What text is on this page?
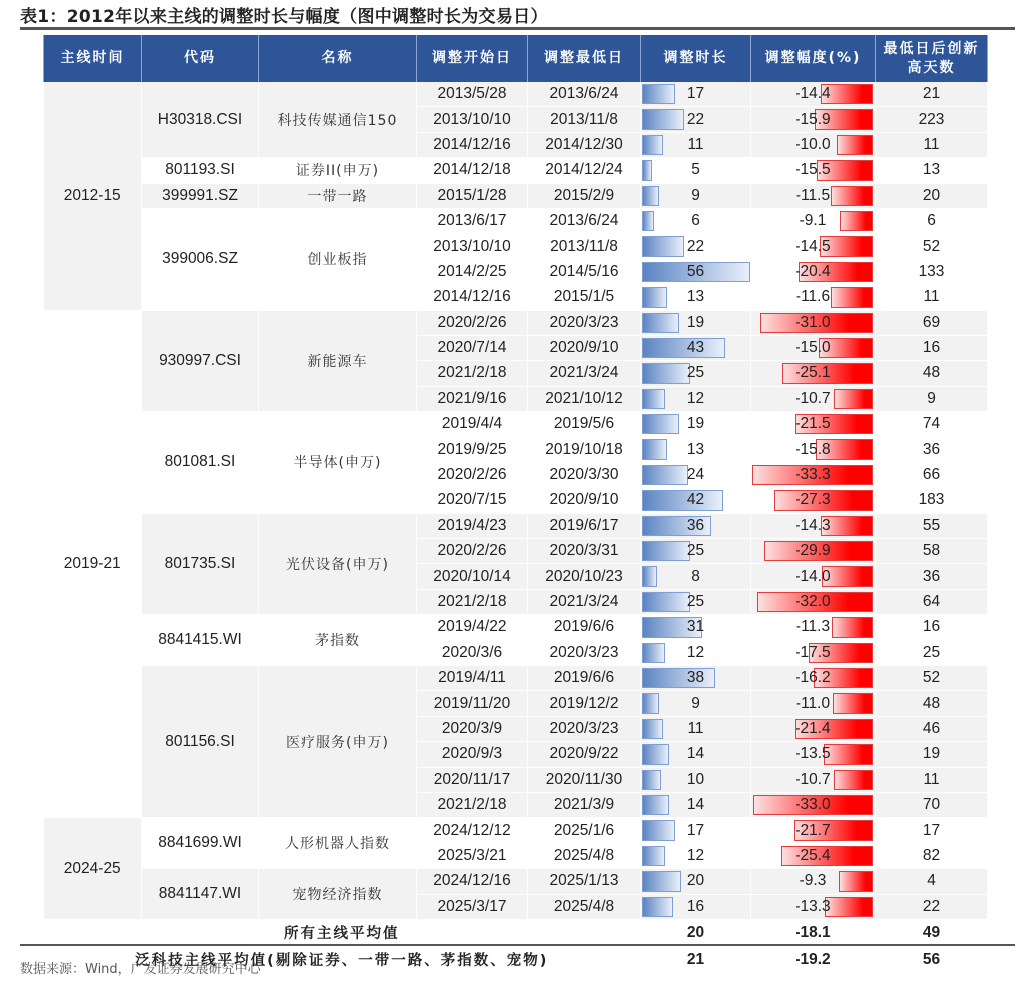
表1：2012年以来主线的调整时长与幅度（图中调整时长为交易日）
主线时间	代码	名称	调整开始日	调整最低日	调整时长	调整幅度(%)	最低日后创新高天数
2012-15	H30318.CSI	科技传媒通信150	2013/5/28	2013/6/24	17	-14.4	21
			2013/10/10	2013/11/8	22	-15.9	223
			2014/12/16	2014/12/30	11	-10.0	11
	801193.SI	证券II(申万)	2014/12/18	2014/12/24	5	-15.5	13
	399991.SZ	一带一路	2015/1/28	2015/2/9	9	-11.5	20
	399006.SZ	创业板指	2013/6/17	2013/6/24	6	-9.1	6
			2013/10/10	2013/11/8	22	-14.5	52
			2014/2/25	2014/5/16	56	-20.4	133
			2014/12/16	2015/1/5	13	-11.6	11
2019-21	930997.CSI	新能源车	2020/2/26	2020/3/23	19	-31.0	69
			2020/7/14	2020/9/10	43	-15.0	16
			2021/2/18	2021/3/24	25	-25.1	48
			2021/9/16	2021/10/12	12	-10.7	9
	801081.SI	半导体(申万)	2019/4/4	2019/5/6	19	-21.5	74
			2019/9/25	2019/10/18	13	-15.8	36
			2020/2/26	2020/3/30	24	-33.3	66
			2020/7/15	2020/9/10	42	-27.3	183
	801735.SI	光伏设备(申万)	2019/4/23	2019/6/17	36	-14.3	55
			2020/2/26	2020/3/31	25	-29.9	58
			2020/10/14	2020/10/23	8	-14.0	36
			2021/2/18	2021/3/24	25	-32.0	64
	8841415.WI	茅指数	2019/4/22	2019/6/6	31	-11.3	16
			2020/3/6	2020/3/23	12	-17.5	25
	801156.SI	医疗服务(申万)	2019/4/11	2019/6/6	38	-16.2	52
			2019/11/20	2019/12/2	9	-11.0	48
			2020/3/9	2020/3/23	11	-21.4	46
			2020/9/3	2020/9/22	14	-13.5	19
			2020/11/17	2020/11/30	10	-10.7	11
			2021/2/18	2021/3/9	14	-33.0	70
2024-25	8841699.WI	人形机器人指数	2024/12/12	2025/1/6	17	-21.7	17
			2025/3/21	2025/4/8	12	-25.4	82
	8841147.WI	宠物经济指数	2024/12/16	2025/1/13	20	-9.3	4
			2025/3/17	2025/4/8	16	-13.3	22
所有主线平均值					20	-18.1	49
泛科技主线平均值(剔除证券、一带一路、茅指数、宠物)					21	-19.2	56
数据来源：Wind，广发证券发展研究中心
